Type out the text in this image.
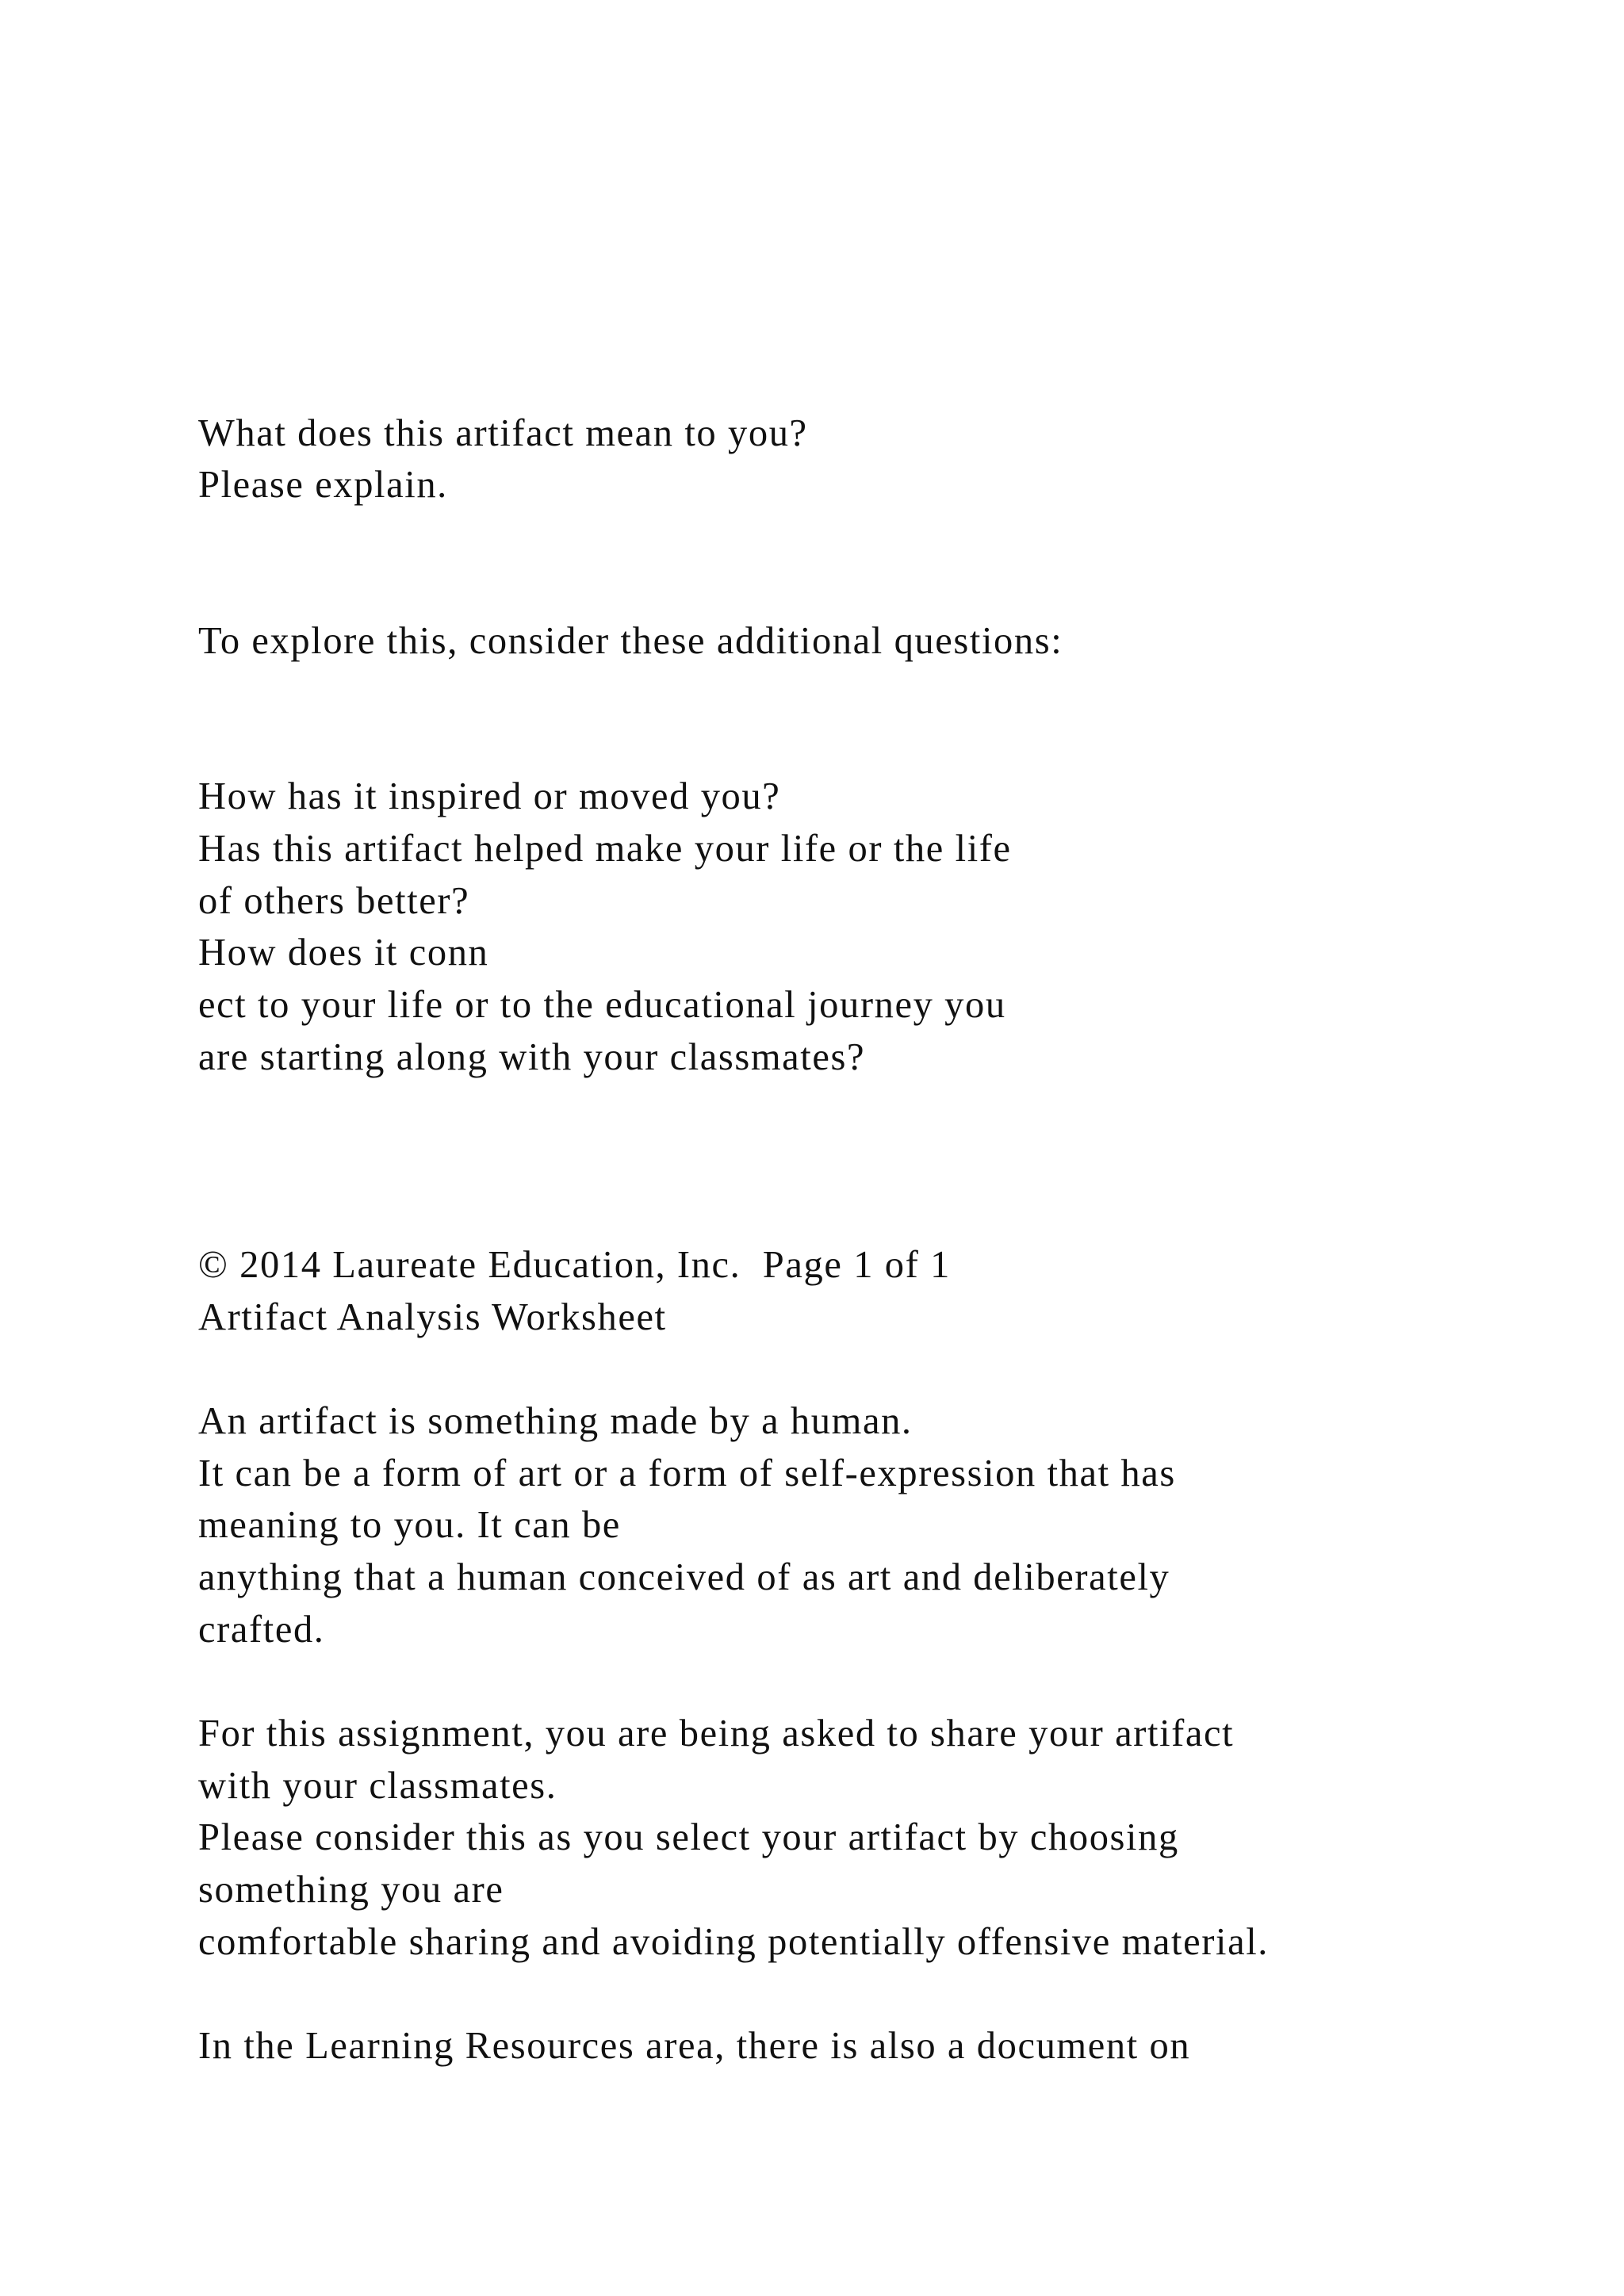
What does this artifact mean to you?

Please explain.

To explore this, consider these additional questions:

How has it inspired or moved you?

Has this artifact helped make your life or the life

of others better?

How does it conn

ect to your life or to the educational journey you

are starting along with your classmates?

© 2014 Laureate Education, Inc.  Page 1 of 1

Artifact Analysis Worksheet

An artifact is something made by a human.

It can be a form of art or a form of self-expression that has

meaning to you. It can be

anything that a human conceived of as art and deliberately

crafted.

For this assignment, you are being asked to share your artifact

with your classmates.

Please consider this as you select your artifact by choosing

something you are

comfortable sharing and avoiding potentially offensive material.

In the Learning Resources area, there is also a document on
